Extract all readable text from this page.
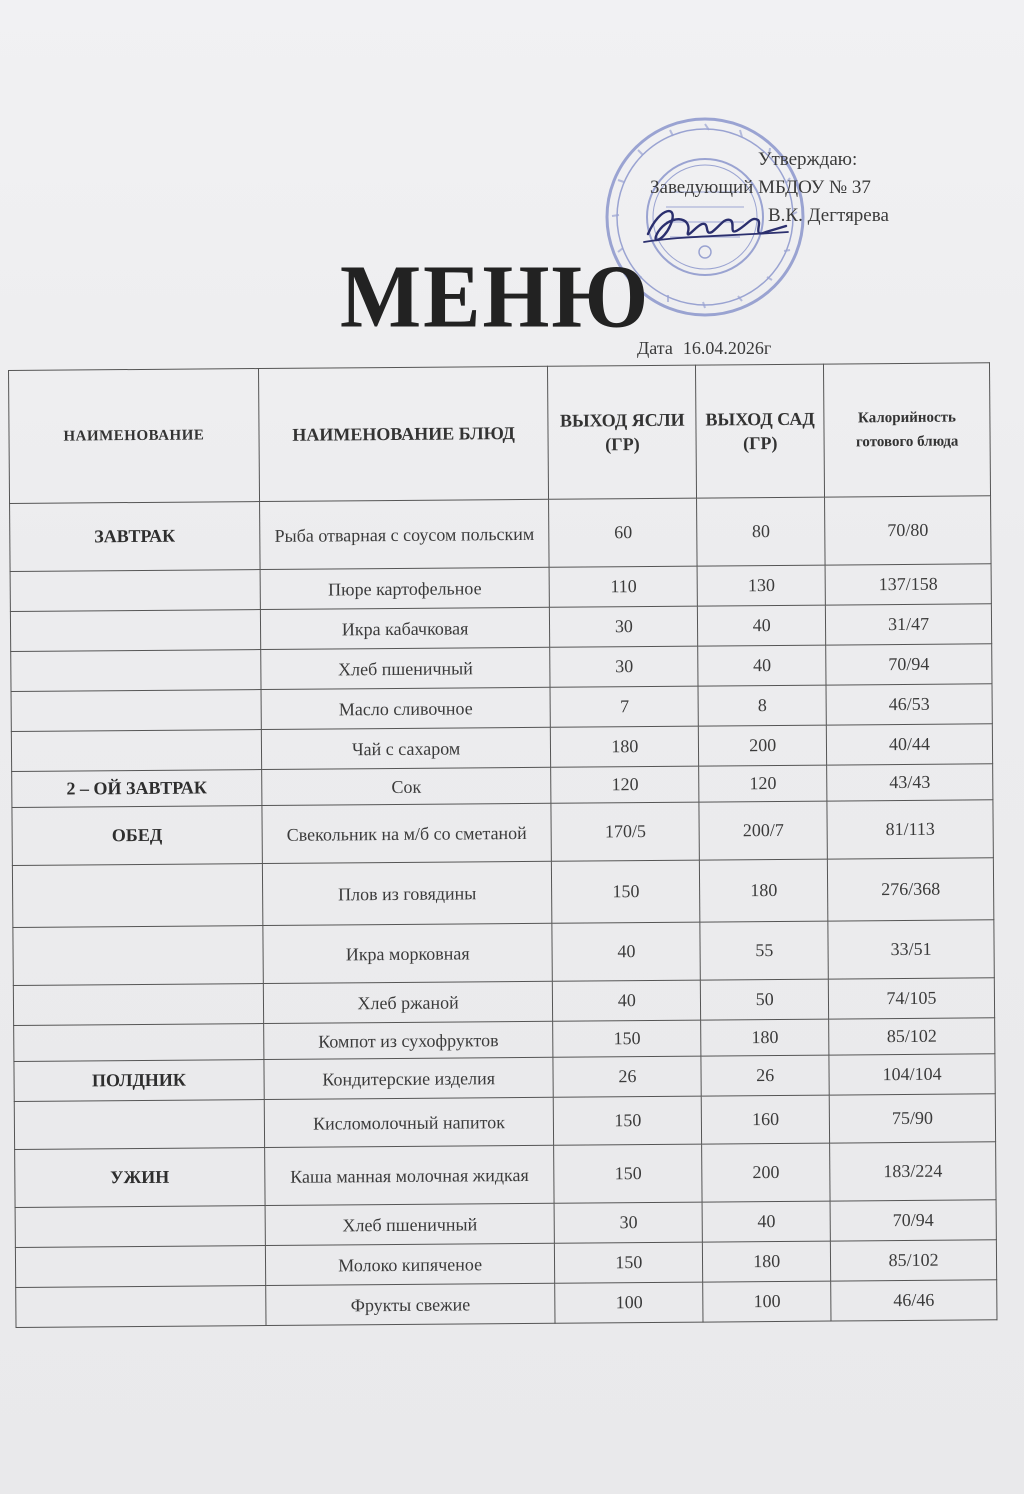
Утверждаю:
Заведующий МБДОУ № 37
В.К. Дегтярева
МЕНЮ
Дата 16.04.2026г
НАИМЕНОВАНИЕ	НАИМЕНОВАНИЕ БЛЮД	ВЫХОД ЯСЛИ (ГР)	ВЫХОД САД (ГР)	Калорийность готового блюда
ЗАВТРАК	Рыба отварная с соусом польским	60	80	70/80
	Пюре картофельное	110	130	137/158
	Икра кабачковая	30	40	31/47
	Хлеб пшеничный	30	40	70/94
	Масло сливочное	7	8	46/53
	Чай с сахаром	180	200	40/44
2 – ОЙ ЗАВТРАК	Сок	120	120	43/43
ОБЕД	Свекольник на м/б со сметаной	170/5	200/7	81/113
	Плов из говядины	150	180	276/368
	Икра морковная	40	55	33/51
	Хлеб ржаной	40	50	74/105
	Компот из сухофруктов	150	180	85/102
ПОЛДНИК	Кондитерские изделия	26	26	104/104
	Кисломолочный напиток	150	160	75/90
УЖИН	Каша манная молочная жидкая	150	200	183/224
	Хлеб пшеничный	30	40	70/94
	Молоко кипяченое	150	180	85/102
	Фрукты свежие	100	100	46/46
